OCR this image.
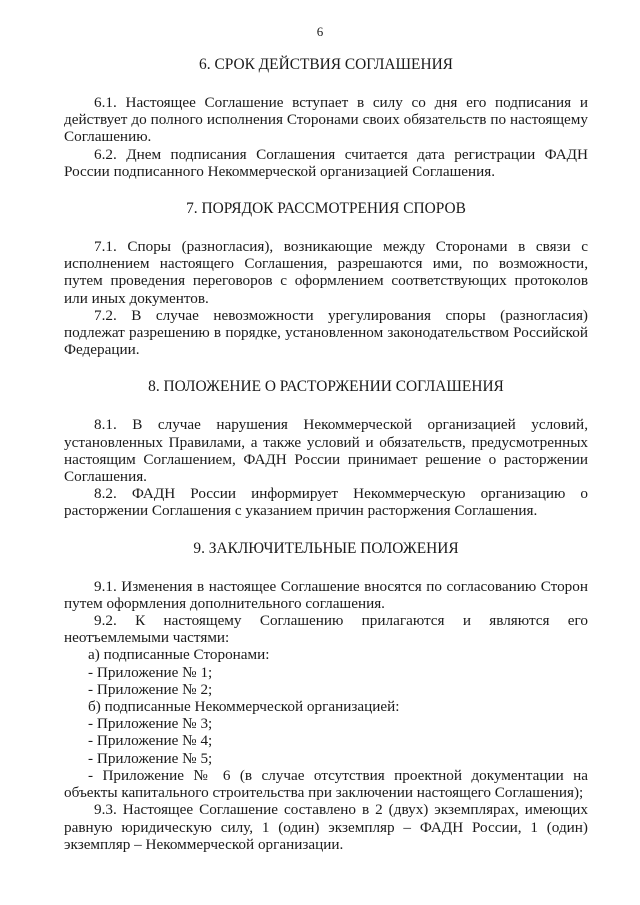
6
6. СРОК ДЕЙСТВИЯ СОГЛАШЕНИЯ

6.1. Настоящее Соглашение вступает в силу со дня его подписания и действует до полного исполнения Сторонами своих обязательств по настоящему Соглашению.

6.2. Днем подписания Соглашения считается дата регистрации ФАДН России подписанного Некоммерческой организацией Соглашения.

7. ПОРЯДОК РАССМОТРЕНИЯ СПОРОВ

7.1. Споры (разногласия), возникающие между Сторонами в связи с исполнением настоящего Соглашения, разрешаются ими, по возможности, путем проведения переговоров с оформлением соответствующих протоколов или иных документов.

7.2. В случае невозможности урегулирования споры (разногласия) подлежат разрешению в порядке, установленном законодательством Российской Федерации.

8. ПОЛОЖЕНИЕ О РАСТОРЖЕНИИ СОГЛАШЕНИЯ

8.1. В случае нарушения Некоммерческой организацией условий, установленных Правилами, а также условий и обязательств, предусмотренных настоящим Соглашением, ФАДН России принимает решение о расторжении Соглашения.

8.2. ФАДН России информирует Некоммерческую организацию о расторжении Соглашения с указанием причин расторжения Соглашения.

9. ЗАКЛЮЧИТЕЛЬНЫЕ ПОЛОЖЕНИЯ

9.1. Изменения в настоящее Соглашение вносятся по согласованию Сторон путем оформления дополнительного соглашения.

9.2. К настоящему Соглашению прилагаются и являются его неотъемлемыми частями:

а) подписанные Сторонами:

- Приложение № 1;

- Приложение № 2;

б) подписанные Некоммерческой организацией:

- Приложение № 3;

- Приложение № 4;

- Приложение № 5;

- Приложение № 6 (в случае отсутствия проектной документации на объекты капитального строительства при заключении настоящего Соглашения);

9.3. Настоящее Соглашение составлено в 2 (двух) экземплярах, имеющих равную юридическую силу, 1 (один) экземпляр – ФАДН России, 1 (один) экземпляр – Некоммерческой организации.
